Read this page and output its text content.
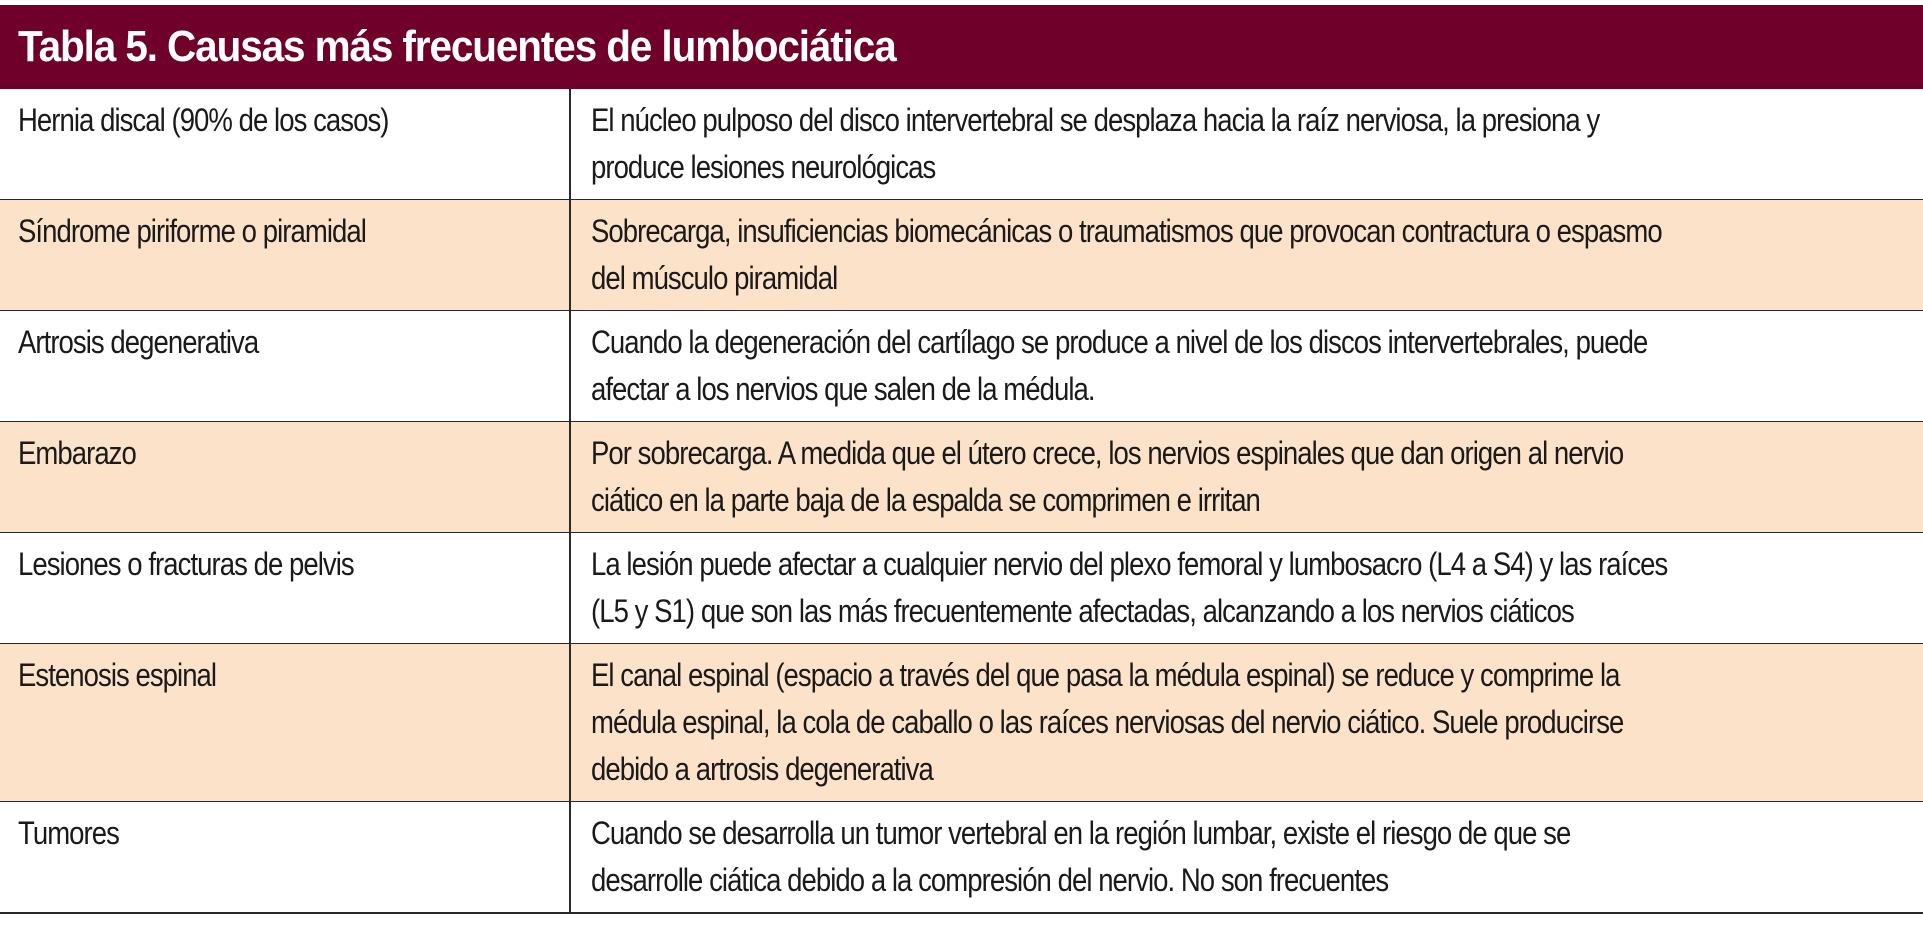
Tabla 5. Causas más frecuentes de lumbociática
Hernia discal (90% de los casos)	El núcleo pulposo del disco intervertebral se desplaza hacia la raíz nerviosa, la presiona y
produce lesiones neurológicas
Síndrome piriforme o piramidal	Sobrecarga, insuficiencias biomecánicas o traumatismos que provocan contractura o espasmo
del músculo piramidal
Artrosis degenerativa	Cuando la degeneración del cartílago se produce a nivel de los discos intervertebrales, puede
afectar a los nervios que salen de la médula.
Embarazo	Por sobrecarga. A medida que el útero crece, los nervios espinales que dan origen al nervio
ciático en la parte baja de la espalda se comprimen e irritan
Lesiones o fracturas de pelvis	La lesión puede afectar a cualquier nervio del plexo femoral y lumbosacro (L4 a S4) y las raíces
(L5 y S1) que son las más frecuentemente afectadas, alcanzando a los nervios ciáticos
Estenosis espinal	El canal espinal (espacio a través del que pasa la médula espinal) se reduce y comprime la
médula espinal, la cola de caballo o las raíces nerviosas del nervio ciático. Suele producirse
debido a artrosis degenerativa
Tumores	Cuando se desarrolla un tumor vertebral en la región lumbar, existe el riesgo de que se
desarrolle ciática debido a la compresión del nervio. No son frecuentes
